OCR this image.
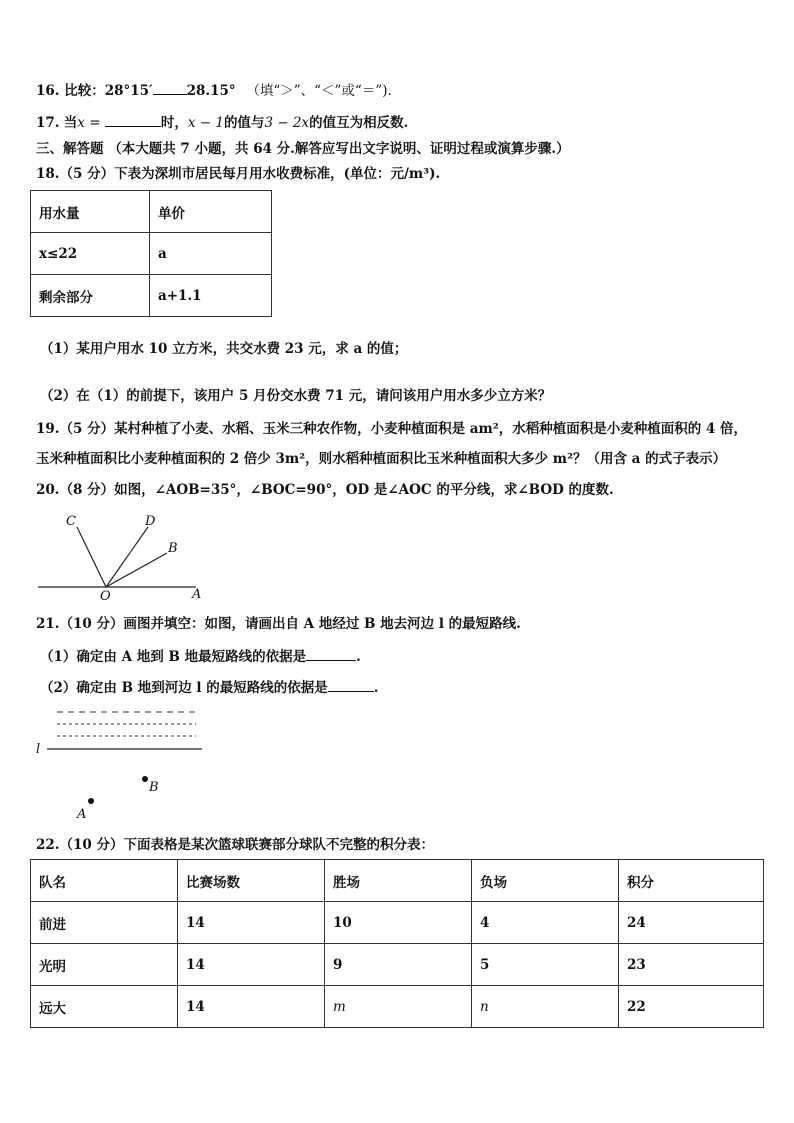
16. 比较：28°15′	28.15° （填“＞”、“＜”或“＝”).
17. 当x =	时，x − 1的值与3 − 2x的值互为相反数.
三、解答题 （本大题共 7 小题，共 64 分.解答应写出文字说明、证明过程或演算步骤.）
18.（5 分）下表为深圳市居民每月用水收费标准，(单位：元/m³).
用水量	单价
x≤22	a
剩余部分	a+1.1
（1）某用户用水 10 立方米，共交水费 23 元，求 a 的值；
（2）在（1）的前提下，该用户 5 月份交水费 71 元，请问该用户用水多少立方米？
19.（5 分）某村种植了小麦、水稻、玉米三种农作物，小麦种植面积是 am²，水稻种植面积是小麦种植面积的 4 倍，
玉米种植面积比小麦种植面积的 2 倍少 3m²，则水稻种植面积比玉米种植面积大多少 m²？（用含 a 的式子表示）
20.（8 分）如图，∠AOB=35°，∠BOC=90°，OD 是∠AOC 的平分线，求∠BOD 的度数.
C	D
B
O	A
21.（10 分）画图并填空：如图，请画出自 A 地经过 B 地去河边 l 的最短路线.
（1）确定由 A 地到 B 地最短路线的依据是	.
（2）确定由 B 地到河边 l 的最短路线的依据是	.
l
B
A
22.（10 分）下面表格是某次篮球联赛部分球队不完整的积分表：
队名	比赛场数	胜场	负场	积分
前进	14	10	4	24
光明	14	9	5	23
远大	14	m	n	22
